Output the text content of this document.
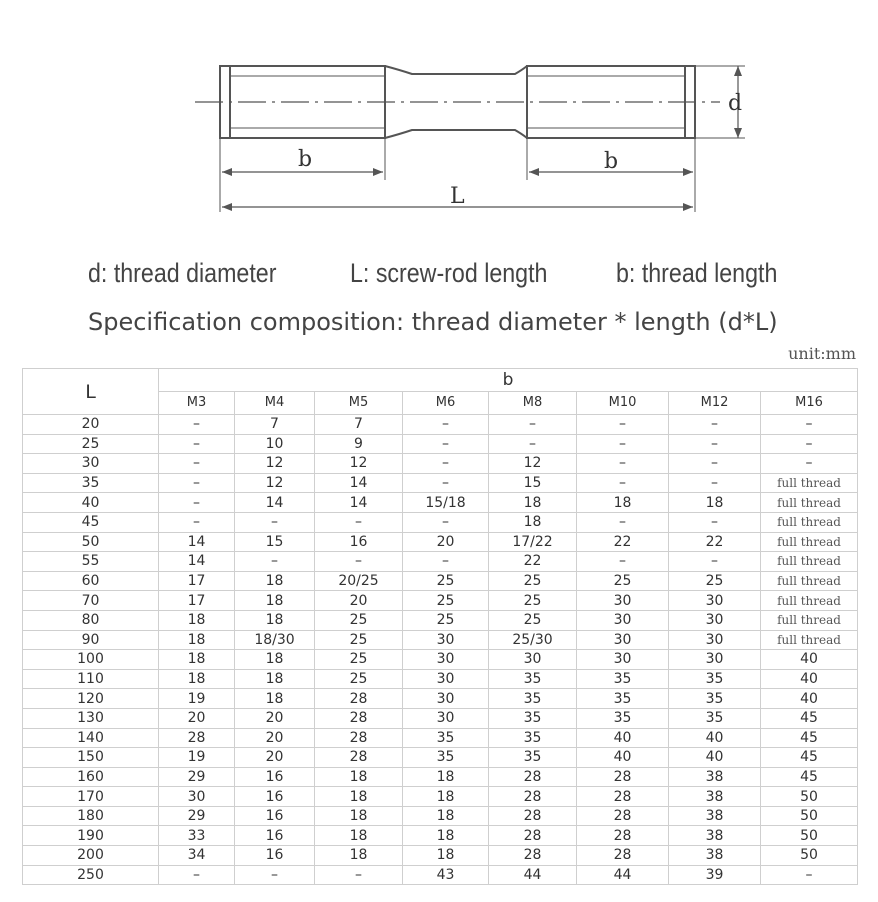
d
b	b
L
d: thread diameter	L: screw-rod length	b: thread length
Specification composition: thread diameter * length (d*L)
unit:mm
L	b							
	M3	M4	M5	M6	M8	M10	M12	M16
20	–	7	7	–	–	–	–	–
25	–	10	9	–	–	–	–	–
30	–	12	12	–	12	–	–	–
35	–	12	14	–	15	–	–	full thread
40	–	14	14	15/18	18	18	18	full thread
45	–	–	–	–	18	–	–	full thread
50	14	15	16	20	17/22	22	22	full thread
55	14	–	–	–	22	–	–	full thread
60	17	18	20/25	25	25	25	25	full thread
70	17	18	20	25	25	30	30	full thread
80	18	18	25	25	25	30	30	full thread
90	18	18/30	25	30	25/30	30	30	full thread
100	18	18	25	30	30	30	30	40
110	18	18	25	30	35	35	35	40
120	19	18	28	30	35	35	35	40
130	20	20	28	30	35	35	35	45
140	28	20	28	35	35	40	40	45
150	19	20	28	35	35	40	40	45
160	29	16	18	18	28	28	38	45
170	30	16	18	18	28	28	38	50
180	29	16	18	18	28	28	38	50
190	33	16	18	18	28	28	38	50
200	34	16	18	18	28	28	38	50
250	–	–	–	43	44	44	39	–
